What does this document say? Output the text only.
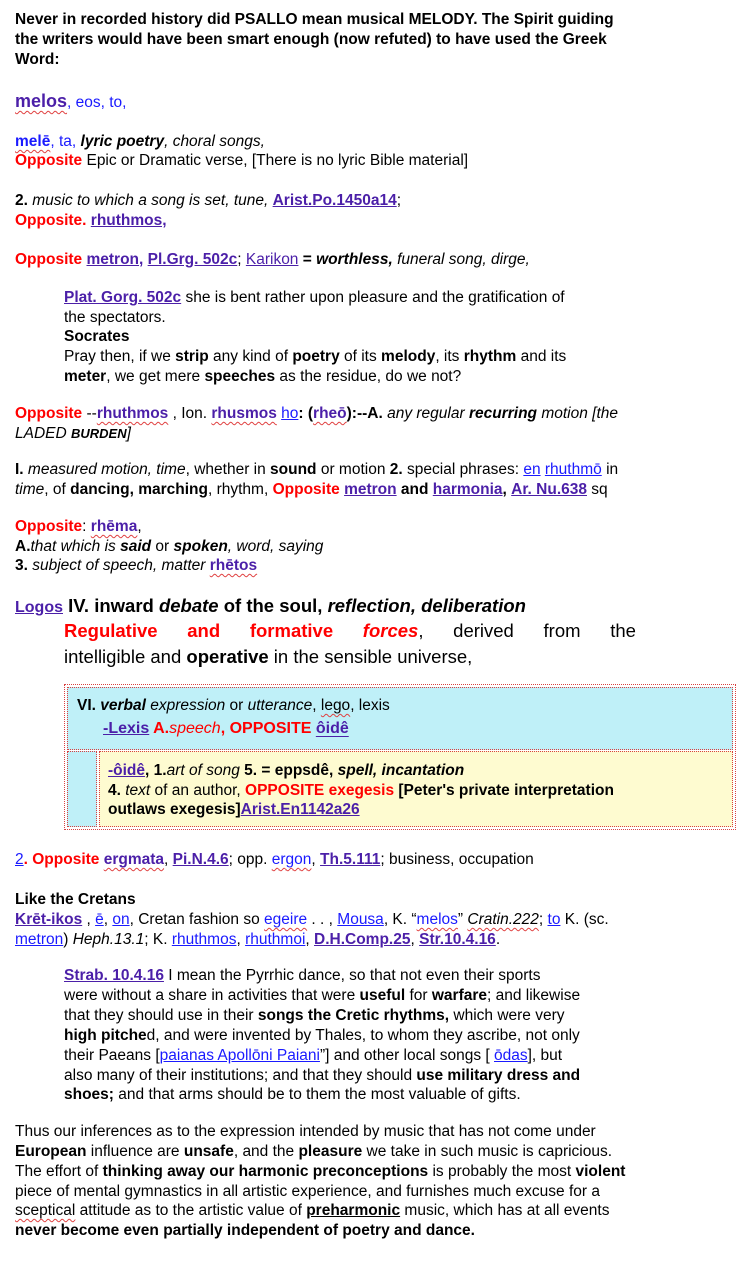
Never in recorded history did PSALLO mean musical MELODY. The Spirit guiding
the writers would have been smart enough (now refuted) to have used the Greek
Word:
melos, eos, to,
melē, ta, lyric poetry, choral songs,
Opposite Epic or Dramatic verse, [There is no lyric Bible material]
2. music to which a song is set, tune, Arist.Po.1450a14;
Opposite. rhuthmos,
Opposite metron, Pl.Grg. 502c; Karikon = worthless, funeral song, dirge,
Plat. Gorg. 502c she is bent rather upon pleasure and the gratification of
the spectators.
Socrates
Pray then, if we strip any kind of poetry of its melody, its rhythm and its
meter, we get mere speeches as the residue, do we not?
Opposite --rhuthmos , Ion. rhusmos ho: (rheō):--A. any regular recurring motion [the
LADED BURDEN]
I. measured motion, time, whether in sound or motion 2. special phrases: en rhuthmō in
time, of dancing, marching, rhythm, Opposite metron and harmonia, Ar. Nu.638 sq
Opposite: rhēma,
A.that which is said or spoken, word, saying
3. subject of speech, matter rhētos
Logos IV. inward debate of the soul, reflection, deliberation
Regulative and formative forces, derived from the
intelligible and operative in the sensible universe,
VI. verbal expression or utterance, lego, lexis
-Lexis A.speech, OPPOSITE ôidê
-ôidê, 1.art of song 5. = eppsdê, spell, incantation
4. text of an author, OPPOSITE exegesis [Peter's private interpretation
outlaws exegesis]Arist.En1142a26
2. Opposite ergmata, Pi.N.4.6; opp. ergon, Th.5.111; business, occupation
Like the Cretans
Krēt-ikos , ē, on, Cretan fashion so egeire . . , Mousa, K. “melos” Cratin.222; to K. (sc.
metron) Heph.13.1; K. rhuthmos, rhuthmoi, D.H.Comp.25, Str.10.4.16.
Strab. 10.4.16 I mean the Pyrrhic dance, so that not even their sports
were without a share in activities that were useful for warfare; and likewise
that they should use in their songs the Cretic rhythms, which were very
high pitched, and were invented by Thales, to whom they ascribe, not only
their Paeans [paianas Apollōni Paiani”] and other local songs [ ōdas], but
also many of their institutions; and that they should use military dress and
shoes; and that arms should be to them the most valuable of gifts.
Thus our inferences as to the expression intended by music that has not come under
European influence are unsafe, and the pleasure we take in such music is capricious.
The effort of thinking away our harmonic preconceptions is probably the most violent
piece of mental gymnastics in all artistic experience, and furnishes much excuse for a
sceptical attitude as to the artistic value of preharmonic music, which has at all events
never become even partially independent of poetry and dance.
